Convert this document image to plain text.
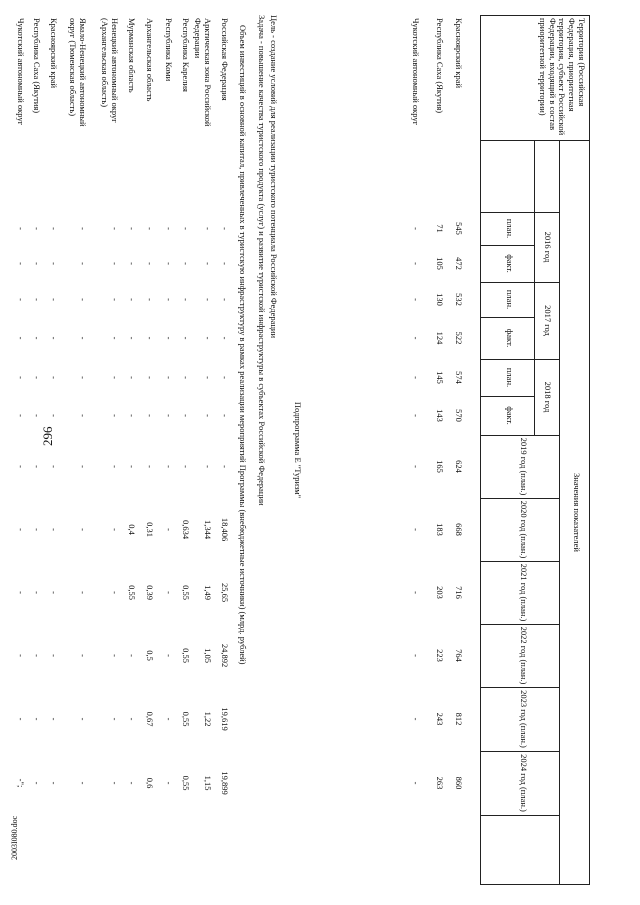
296
2003I080.doc
Территория (Российская Федерация, приоритетная территория, субъект Российской Федерации, входящий в состав приоритетной территории)
Значения показателей
2016 год
2017 год
2018 год
план.
факт.
план.
факт.
план.
факт.
2019 год (план.)
2020 год (план.)
2021 год (план.)
2022 год (план.)
2023 год (план.)
2024 год (план.)
Красноярский край
545
472
532
522
574
570
624
668
716
764
812
860
Республика Саха (Якутия)
71
105
130
124
145
143
165
183
203
223
243
263
Чукотский автономный округ
-
-
-
-
-
-
-
-
-
-
-
-
Российская Федерация
-
-
-
-
-
-
-
18,406
25,65
24,892
19,619
19,899
Арктическая зона Российской Федерации
-
-
-
-
-
-
-
1,344
1,49
1,05
1,22
1,15
Республика Карелия
-
-
-
-
-
-
-
0,634
0,55
0,55
0,55
0,55
Республика Коми
-
-
-
-
-
-
-
-
-
-
-
-
Архангельская область
-
-
-
-
-
-
-
0,31
0,39
0,5
0,67
0,6
Мурманская область
-
-
-
-
-
-
-
0,4
0,55
-
-
-
Ненецкий автономный округ (Архангельская область)
-
-
-
-
-
-
-
-
-
-
-
-
Ямало-Ненецкий автономный округ (Тюменская область)
-
-
-
-
-
-
-
-
-
-
-
-
Красноярский край
-
-
-
-
-
-
-
-
-
-
-
-
Республика Саха (Якутия)
-
-
-
-
-
-
-
-
-
-
-
-
Чукотский автономный округ
-
-
-
-
-
-
-
-
-
-
-
-";
Подпрограмма Е "Туризм"
Цель - создание условий для реализации туристского потенциала Российской Федерации
Задача - повышение качества туристского продукта (услуг) и развитие туристской инфраструктуры в субъектах Российской Федерации
Объем инвестиций в основной капитал, привлеченных в туристскую инфраструктуру в рамках реализации мероприятий Программы (внебюджетные источники) (млрд. рублей)
